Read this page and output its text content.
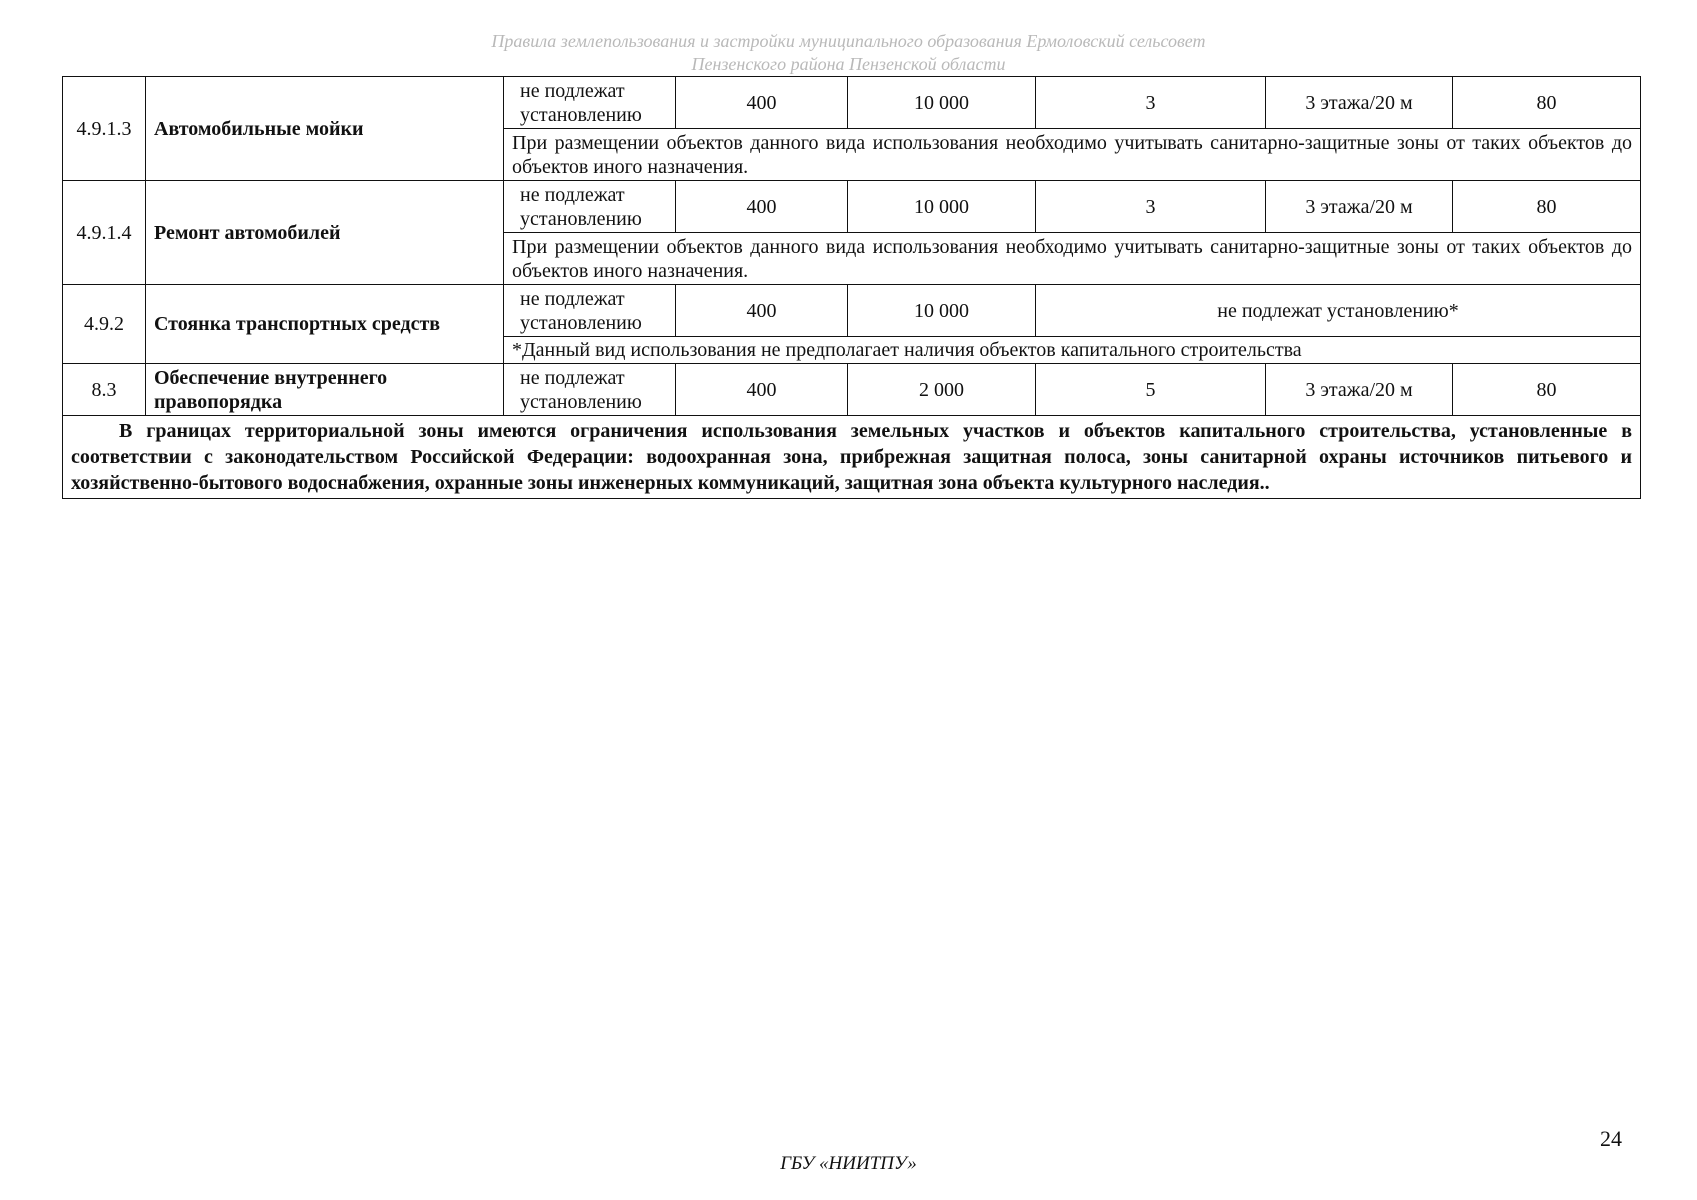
Правила землепользования и застройки муниципального образования Ермоловский сельсовет
Пензенского района Пензенской области
4.9.1.3	Автомобильные мойки	не подлежат установлению	400	10 000	3	3 этажа/20 м	80
		При размещении объектов данного вида использования необходимо учитывать санитарно-защитные зоны от таких объектов до объектов иного назначения.					
4.9.1.4	Ремонт автомобилей	не подлежат установлению	400	10 000	3	3 этажа/20 м	80
		При размещении объектов данного вида использования необходимо учитывать санитарно-защитные зоны от таких объектов до объектов иного назначения.					
4.9.2	Стоянка транспортных средств	не подлежат установлению	400	10 000	не подлежат установлению*		
		*Данный вид использования не предполагает наличия объектов капитального строительства					
8.3	Обеспечение внутреннего правопорядка	не подлежат установлению	400	2 000	5	3 этажа/20 м	80
В границах территориальной зоны имеются ограничения использования земельных участков и объектов капитального строительства, установленные в соответствии с законодательством Российской Федерации: водоохранная зона, прибрежная защитная полоса, зоны санитарной охраны источников питьевого и хозяйственно-бытового водоснабжения, охранные зоны инженерных коммуникаций, защитная зона объекта культурного наследия..							
24
ГБУ «НИИТПУ»
